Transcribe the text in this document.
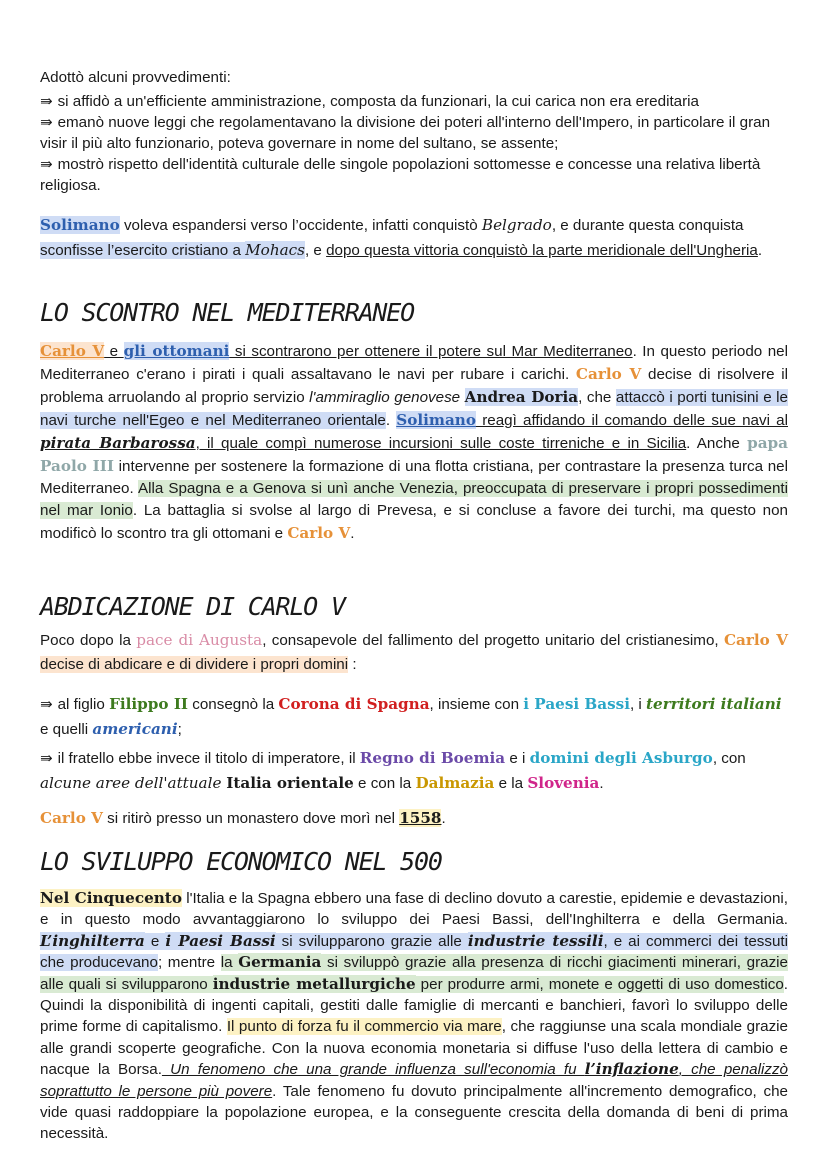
Adottò alcuni provvedimenti:

⇛ si affidò a un'efficiente amministrazione, composta da funzionari, la cui carica non era ereditaria

⇛ emanò nuove leggi che regolamentavano la divisione dei poteri all'interno dell'Impero, in particolare il gran visir il più alto funzionario, poteva governare in nome del sultano, se assente;

⇛ mostrò rispetto dell'identità culturale delle singole popolazioni sottomesse e concesse una relativa libertà religiosa.

Solimano voleva espandersi verso l’occidente, infatti conquistò Belgrado, e durante questa conquista sconfisse l’esercito cristiano a Mohacs, e dopo questa vittoria conquistò la parte meridionale dell'Ungheria.

LO SCONTRO NEL MEDITERRANEO

Carlo V e gli ottomani si scontrarono per ottenere il potere sul Mar Mediterraneo. In questo periodo nel Mediterraneo c'erano i pirati i quali assaltavano le navi per rubare i carichi. Carlo V decise di risolvere il problema arruolando al proprio servizio l'ammiraglio genovese Andrea Doria, che attaccò i porti tunisini e le navi turche nell'Egeo e nel Mediterraneo orientale. Solimano reagì affidando il comando delle sue navi al pirata Barbarossa, il quale compì numerose incursioni sulle coste tirreniche e in Sicilia. Anche papa Paolo III intervenne per sostenere la formazione di una flotta cristiana, per contrastare la presenza turca nel Mediterraneo. Alla Spagna e a Genova si unì anche Venezia, preoccupata di preservare i propri possedimenti nel mar Ionio. La battaglia si svolse al largo di Prevesa, e si concluse a favore dei turchi, ma questo non modificò lo scontro tra gli ottomani e Carlo V.

ABDICAZIONE DI CARLO V

Poco dopo la pace di Augusta, consapevole del fallimento del progetto unitario del cristianesimo, Carlo V decise di abdicare e di dividere i propri domini :

⇛ al figlio Filippo II consegnò la Corona di Spagna, insieme con i Paesi Bassi, i territori italiani e quelli americani;

⇛ il fratello ebbe invece il titolo di imperatore, il Regno di Boemia e i domini degli Asburgo, con alcune aree dell'attuale Italia orientale e con la Dalmazia e la Slovenia.

Carlo V si ritirò presso un monastero dove morì nel 1558.

LO SVILUPPO ECONOMICO NEL 500

Nel Cinquecento l'Italia e la Spagna ebbero una fase di declino dovuto a carestie, epidemie e devastazioni, e in questo modo avvantaggiarono lo sviluppo dei Paesi Bassi, dell'Inghilterra e della Germania. L’inghilterra e i Paesi Bassi si svilupparono grazie alle industrie tessili, e ai commerci dei tessuti che producevano; mentre la Germania si sviluppò grazie alla presenza di ricchi giacimenti minerari, grazie alle quali si svilupparono industrie metallurgiche per produrre armi, monete e oggetti di uso domestico. Quindi la disponibilità di ingenti capitali, gestiti dalle famiglie di mercanti e banchieri, favorì lo sviluppo delle prime forme di capitalismo. Il punto di forza fu il commercio via mare, che raggiunse una scala mondiale grazie alle grandi scoperte geografiche. Con la nuova economia monetaria si diffuse l'uso della lettera di cambio e nacque la Borsa. Un fenomeno che una grande influenza sull'economia fu l’inflazione, che penalizzò soprattutto le persone più povere. Tale fenomeno fu dovuto principalmente all'incremento demografico, che vide quasi raddoppiare la popolazione europea, e la conseguente crescita della domanda di beni di prima necessità.
